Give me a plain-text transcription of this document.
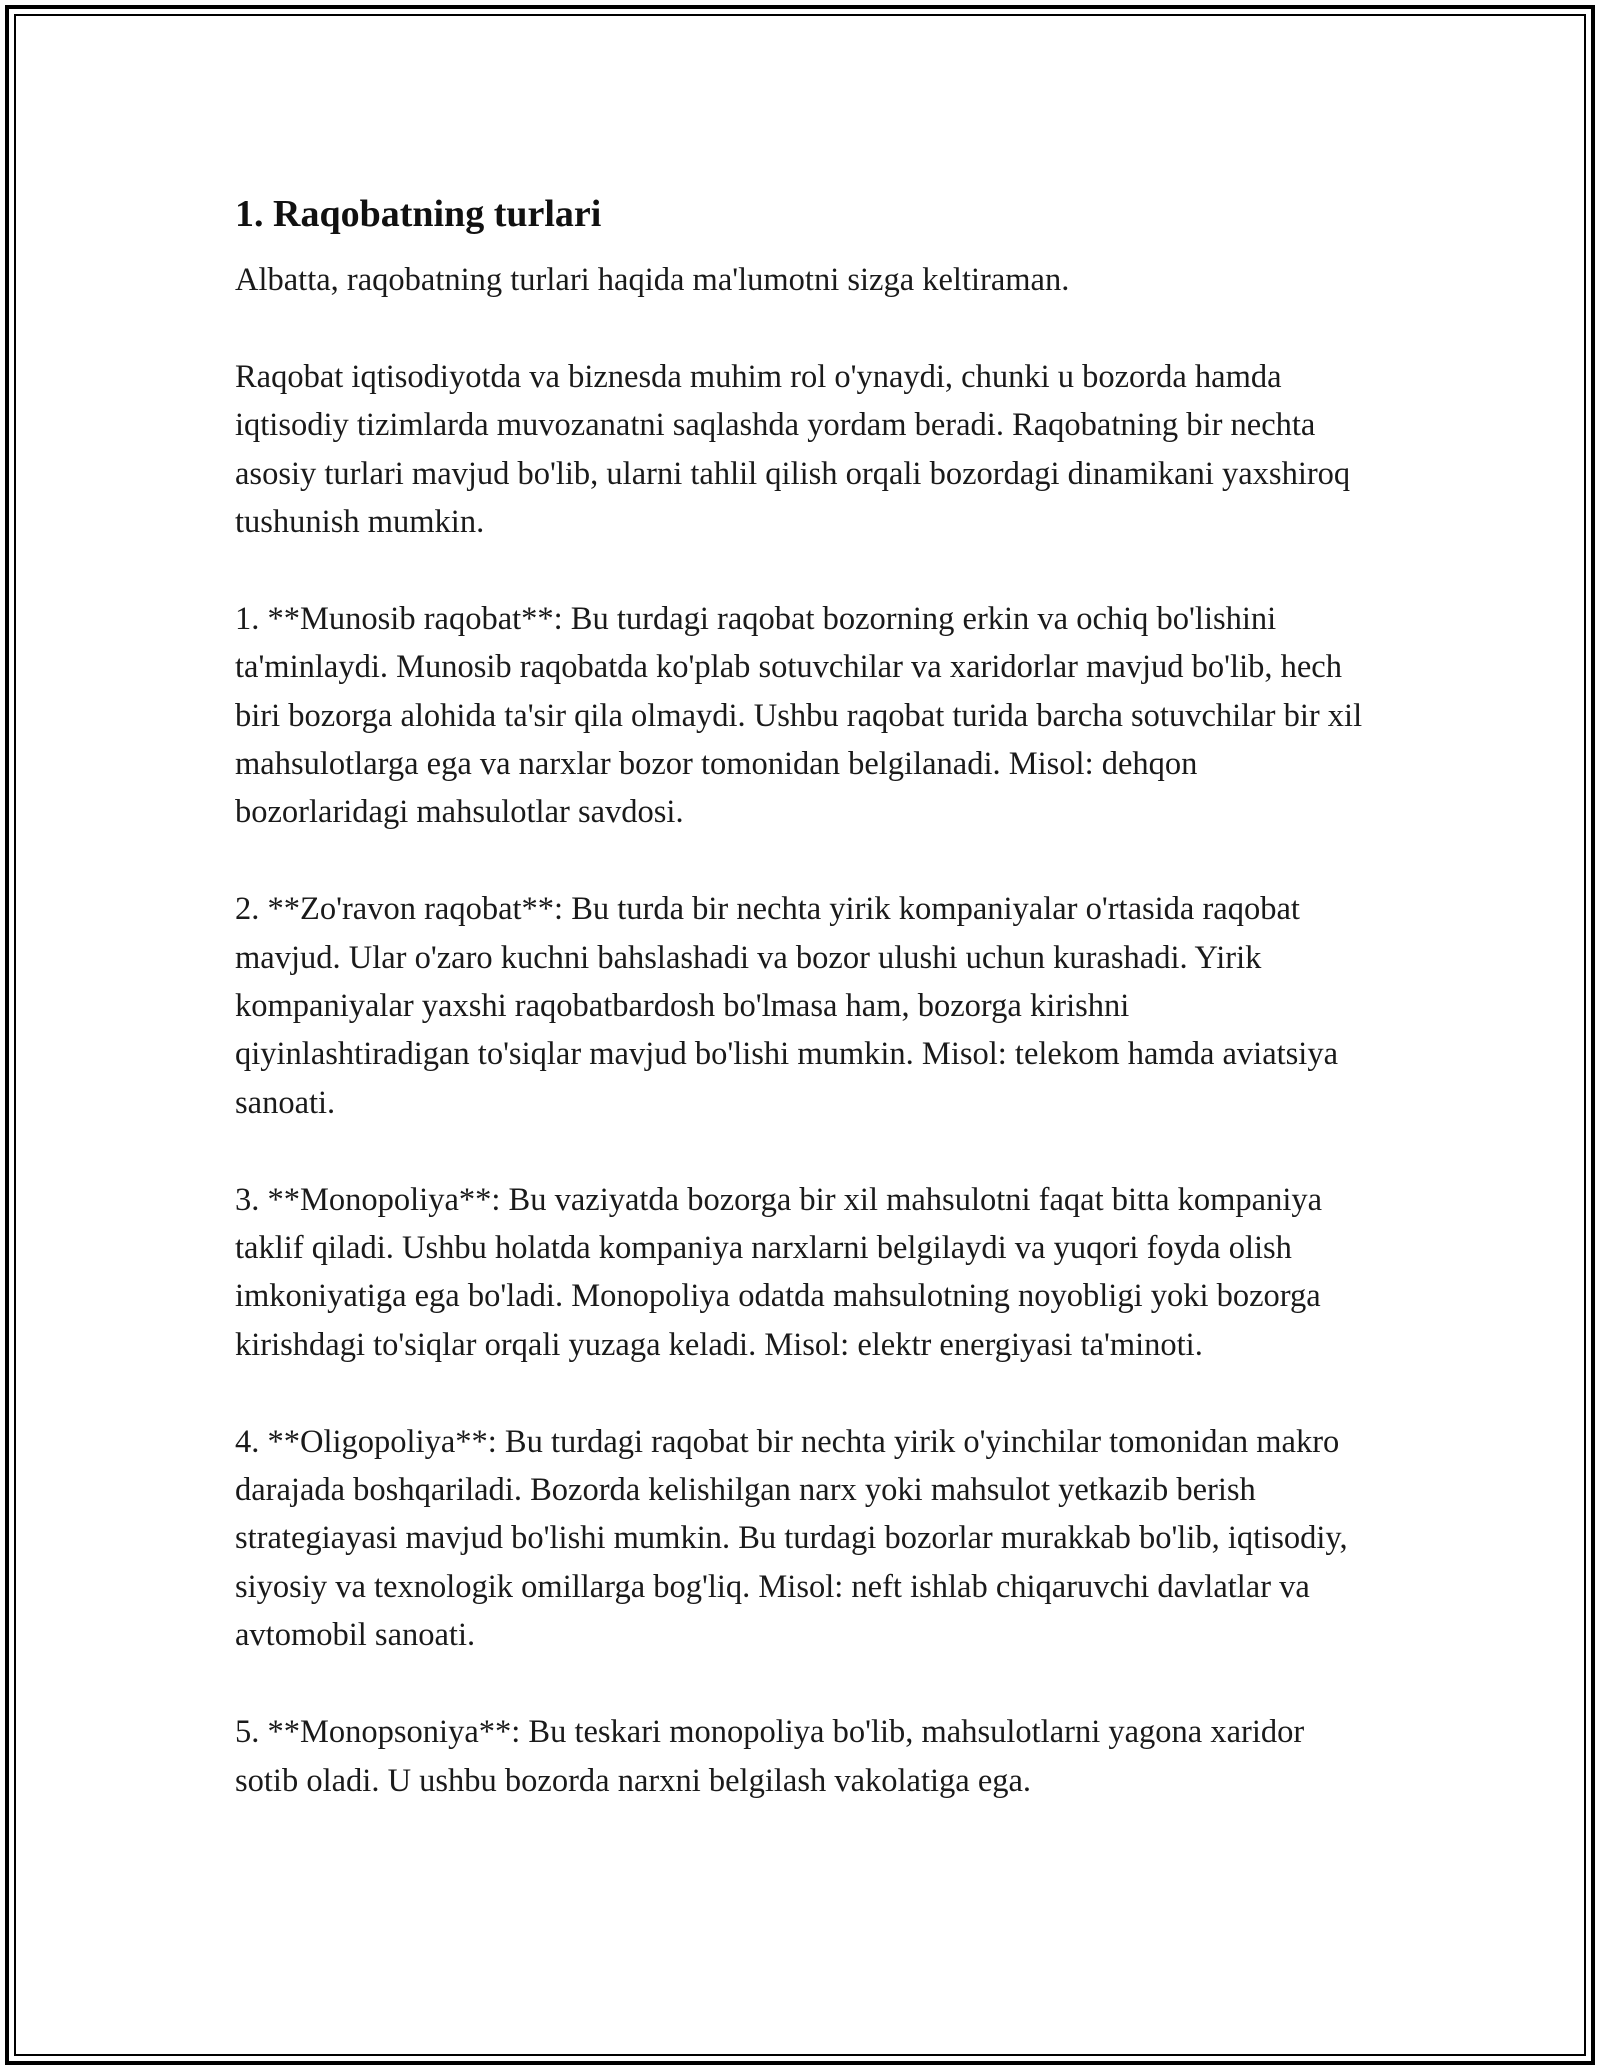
1. Raqobatning turlari

Albatta, raqobatning turlari haqida ma'lumotni sizga keltiraman.

Raqobat iqtisodiyotda va biznesda muhim rol o'ynaydi, chunki u bozorda hamda iqtisodiy tizimlarda muvozanatni saqlashda yordam beradi. Raqobatning bir nechta asosiy turlari mavjud bo'lib, ularni tahlil qilish orqali bozordagi dinamikani yaxshiroq tushunish mumkin.

1. **Munosib raqobat**: Bu turdagi raqobat bozorning erkin va ochiq bo'lishini ta'minlaydi. Munosib raqobatda ko'plab sotuvchilar va xaridorlar mavjud bo'lib, hech biri bozorga alohida ta'sir qila olmaydi. Ushbu raqobat turida barcha sotuvchilar bir xil mahsulotlarga ega va narxlar bozor tomonidan belgilanadi. Misol: dehqon bozorlaridagi mahsulotlar savdosi.

2. **Zo'ravon raqobat**: Bu turda bir nechta yirik kompaniyalar o'rtasida raqobat mavjud. Ular o'zaro kuchni bahslashadi va bozor ulushi uchun kurashadi. Yirik kompaniyalar yaxshi raqobatbardosh bo'lmasa ham, bozorga kirishni qiyinlashtiradigan to'siqlar mavjud bo'lishi mumkin. Misol: telekom hamda aviatsiya sanoati.

3. **Monopoliya**: Bu vaziyatda bozorga bir xil mahsulotni faqat bitta kompaniya taklif qiladi. Ushbu holatda kompaniya narxlarni belgilaydi va yuqori foyda olish imkoniyatiga ega bo'ladi. Monopoliya odatda mahsulotning noyobligi yoki bozorga kirishdagi to'siqlar orqali yuzaga keladi. Misol: elektr energiyasi ta'minoti.

4. **Oligopoliya**: Bu turdagi raqobat bir nechta yirik o'yinchilar tomonidan makro darajada boshqariladi. Bozorda kelishilgan narx yoki mahsulot yetkazib berish strategiayasi mavjud bo'lishi mumkin. Bu turdagi bozorlar murakkab bo'lib, iqtisodiy, siyosiy va texnologik omillarga bog'liq. Misol: neft ishlab chiqaruvchi davlatlar va avtomobil sanoati.

5. **Monopsoniya**: Bu teskari monopoliya bo'lib, mahsulotlarni yagona xaridor sotib oladi. U ushbu bozorda narxni belgilash vakolatiga ega.
